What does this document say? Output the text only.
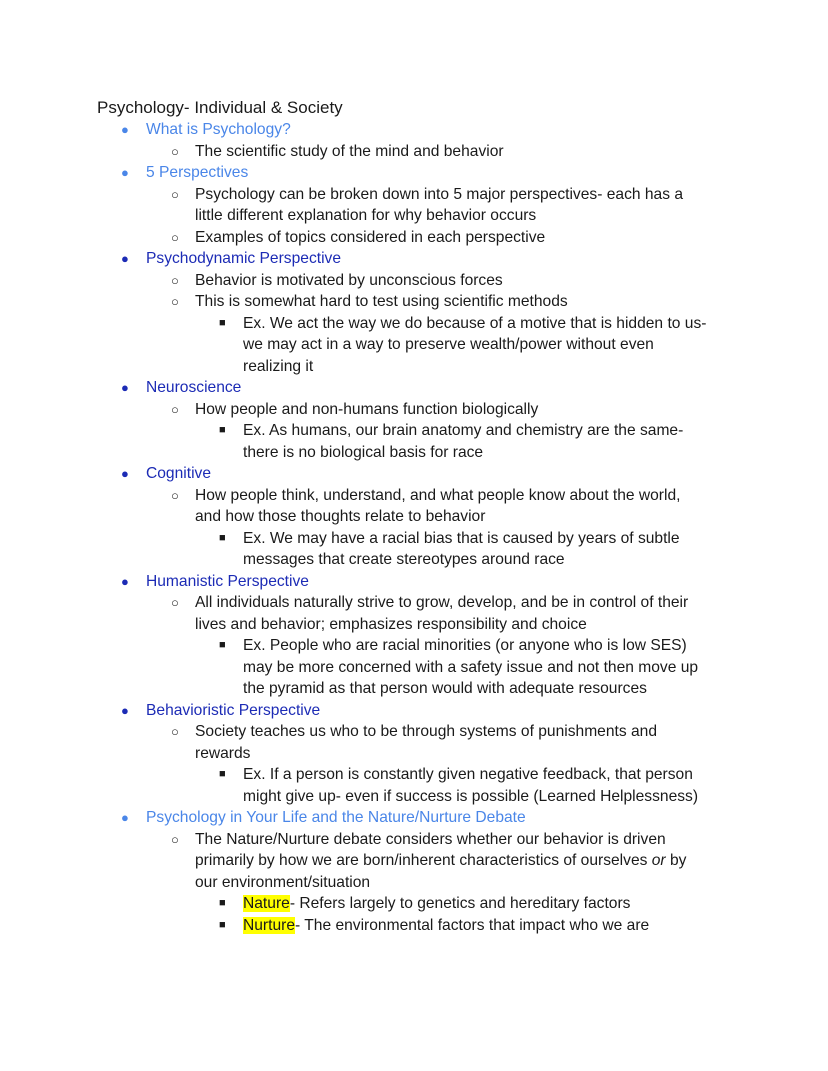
Psychology- Individual & Society
● What is Psychology?
○ The scientific study of the mind and behavior
● 5 Perspectives
○ Psychology can be broken down into 5 major perspectives- each has a
little different explanation for why behavior occurs
○ Examples of topics considered in each perspective
● Psychodynamic Perspective
○ Behavior is motivated by unconscious forces
○ This is somewhat hard to test using scientific methods
■ Ex. We act the way we do because of a motive that is hidden to us-
we may act in a way to preserve wealth/power without even
realizing it
● Neuroscience
○ How people and non-humans function biologically
■ Ex. As humans, our brain anatomy and chemistry are the same-
there is no biological basis for race
● Cognitive
○ How people think, understand, and what people know about the world,
and how those thoughts relate to behavior
■ Ex. We may have a racial bias that is caused by years of subtle
messages that create stereotypes around race
● Humanistic Perspective
○ All individuals naturally strive to grow, develop, and be in control of their
lives and behavior; emphasizes responsibility and choice
■ Ex. People who are racial minorities (or anyone who is low SES)
may be more concerned with a safety issue and not then move up
the pyramid as that person would with adequate resources
● Behavioristic Perspective
○ Society teaches us who to be through systems of punishments and
rewards
■ Ex. If a person is constantly given negative feedback, that person
might give up- even if success is possible (Learned Helplessness)
● Psychology in Your Life and the Nature/Nurture Debate
○ The Nature/Nurture debate considers whether our behavior is driven
primarily by how we are born/inherent characteristics of ourselves or by
our environment/situation
■ Nature- Refers largely to genetics and hereditary factors
■ Nurture- The environmental factors that impact who we are
